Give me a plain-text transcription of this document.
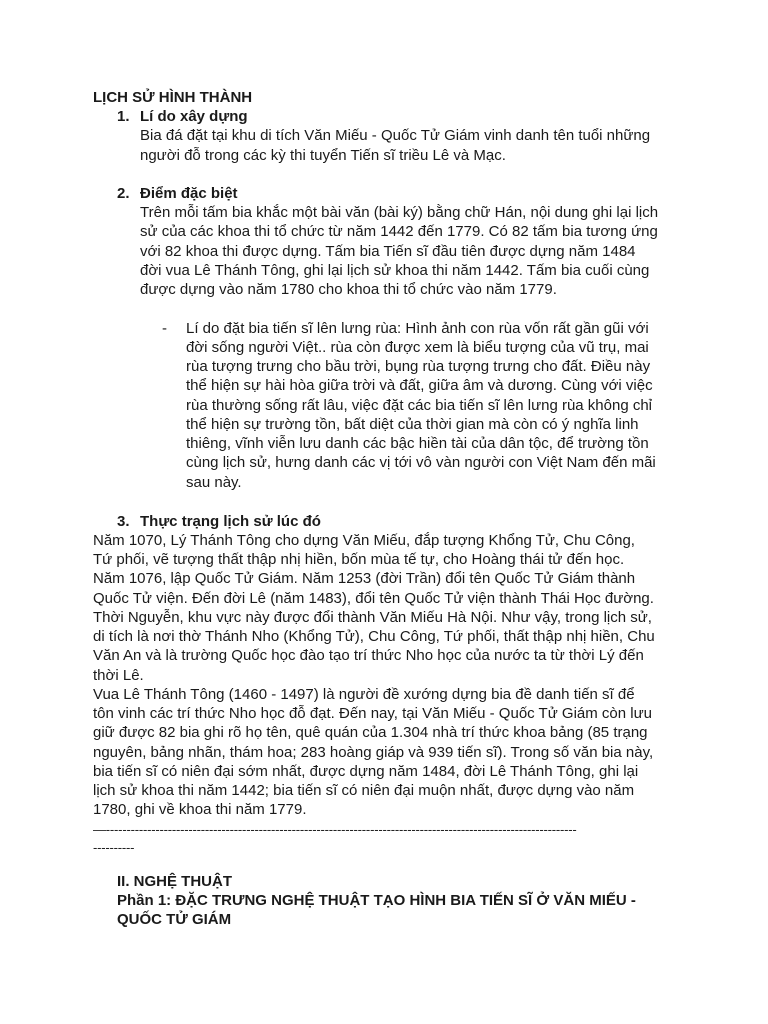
LỊCH SỬ HÌNH THÀNH
1. Lí do xây dựng
Bia đá đặt tại khu di tích Văn Miếu - Quốc Tử Giám vinh danh tên tuổi những
người đỗ trong các kỳ thi tuyển Tiến sĩ triều Lê và Mạc.
2. Điểm đặc biệt
Trên mỗi tấm bia khắc một bài văn (bài ký) bằng chữ Hán, nội dung ghi lại lịch
sử của các khoa thi tổ chức từ năm 1442 đến 1779. Có 82 tấm bia tương ứng
với 82 khoa thi được dựng. Tấm bia Tiến sĩ đầu tiên được dựng năm 1484
đời vua Lê Thánh Tông, ghi lại lịch sử khoa thi năm 1442. Tấm bia cuối cùng
được dựng vào năm 1780 cho khoa thi tổ chức vào năm 1779.
- Lí do đặt bia tiến sĩ lên lưng rùa: Hình ảnh con rùa vốn rất gần gũi với
đời sống người Việt.. rùa còn được xem là biểu tượng của vũ trụ, mai
rùa tượng trưng cho bầu trời, bụng rùa tượng trưng cho đất. Điều này
thể hiện sự hài hòa giữa trời và đất, giữa âm và dương. Cùng với việc
rùa thường sống rất lâu, việc đặt các bia tiến sĩ lên lưng rùa không chỉ
thể hiện sự trường tồn, bất diệt của thời gian mà còn có ý nghĩa linh
thiêng, vĩnh viễn lưu danh các bậc hiền tài của dân tộc, để trường tồn
cùng lịch sử, hưng danh các vị tới vô vàn người con Việt Nam đến mãi
sau này.
3. Thực trạng lịch sử lúc đó
Năm 1070, Lý Thánh Tông cho dựng Văn Miếu, đắp tượng Khổng Tử, Chu Công,
Tứ phối, vẽ tượng thất thập nhị hiền, bốn mùa tế tự, cho Hoàng thái tử đến học.
Năm 1076, lập Quốc Tử Giám. Năm 1253 (đời Trần) đổi tên Quốc Tử Giám thành
Quốc Tử viện. Đến đời Lê (năm 1483), đổi tên Quốc Tử viện thành Thái Học đường.
Thời Nguyễn, khu vực này được đổi thành Văn Miếu Hà Nội. Như vậy, trong lịch sử,
di tích là nơi thờ Thánh Nho (Khổng Tử), Chu Công, Tứ phối, thất thập nhị hiền, Chu
Văn An và là trường Quốc học đào tạo trí thức Nho học của nước ta từ thời Lý đến
thời Lê.
Vua Lê Thánh Tông (1460 - 1497) là người đề xướng dựng bia đề danh tiến sĩ để
tôn vinh các trí thức Nho học đỗ đạt. Đến nay, tại Văn Miếu - Quốc Tử Giám còn lưu
giữ được 82 bia ghi rõ họ tên, quê quán của 1.304 nhà trí thức khoa bảng (85 trạng
nguyên, bảng nhãn, thám hoa; 283 hoàng giáp và 939 tiến sĩ). Trong số văn bia này,
bia tiến sĩ có niên đại sớm nhất, được dựng năm 1484, đời Lê Thánh Tông, ghi lại
lịch sử khoa thi năm 1442; bia tiến sĩ có niên đại muộn nhất, được dựng vào năm
1780, ghi về khoa thi năm 1779.
—------------------------------------------------------------------------------------------------------------------
----------
II. NGHỆ THUẬT
Phần 1: ĐẶC TRƯNG NGHỆ THUẬT TẠO HÌNH BIA TIẾN SĨ Ở VĂN MIẾU -
QUỐC TỬ GIÁM
